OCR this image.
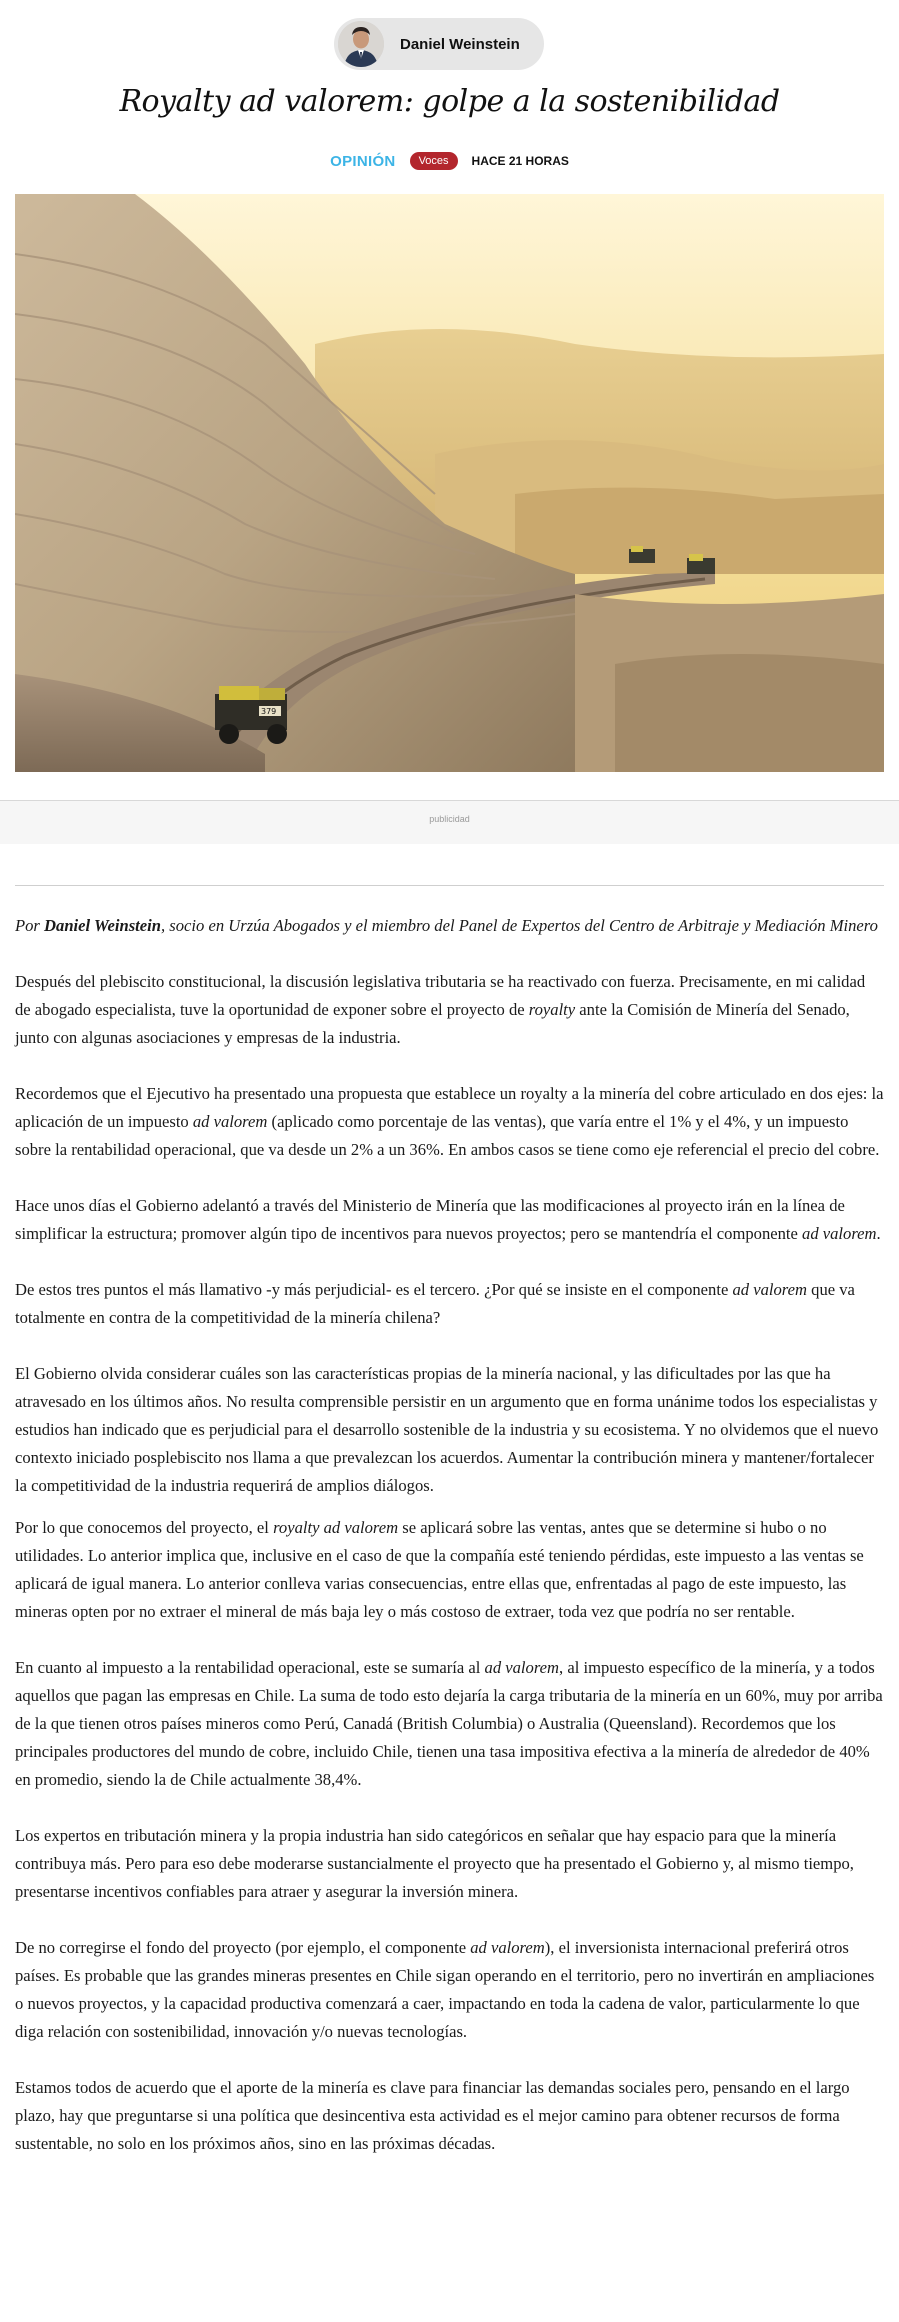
Daniel Weinstein
Royalty ad valorem: golpe a la sostenibilidad
OPINIÓN	Voces	HACE 21 HORAS
379
publicidad

Por Daniel Weinstein, socio en Urzúa Abogados y el miembro del Panel de Expertos del Centro de Arbitraje y Mediación Minero

Después del plebiscito constitucional, la discusión legislativa tributaria se ha reactivado con fuerza. Precisamente, en mi calidad de abogado especialista, tuve la oportunidad de exponer sobre el proyecto de royalty ante la Comisión de Minería del Senado, junto con algunas asociaciones y empresas de la industria.

Recordemos que el Ejecutivo ha presentado una propuesta que establece un royalty a la minería del cobre articulado en dos ejes: la aplicación de un impuesto ad valorem (aplicado como porcentaje de las ventas), que varía entre el 1% y el 4%, y un impuesto sobre la rentabilidad operacional, que va desde un 2% a un 36%. En ambos casos se tiene como eje referencial el precio del cobre.

Hace unos días el Gobierno adelantó a través del Ministerio de Minería que las modificaciones al proyecto irán en la línea de simplificar la estructura; promover algún tipo de incentivos para nuevos proyectos; pero se mantendría el componente ad valorem.

De estos tres puntos el más llamativo -y más perjudicial- es el tercero. ¿Por qué se insiste en el componente ad valorem que va totalmente en contra de la competitividad de la minería chilena?

El Gobierno olvida considerar cuáles son las características propias de la minería nacional, y las dificultades por las que ha atravesado en los últimos años. No resulta comprensible persistir en un argumento que en forma unánime todos los especialistas y estudios han indicado que es perjudicial para el desarrollo sostenible de la industria y su ecosistema. Y no olvidemos que el nuevo contexto iniciado posplebiscito nos llama a que prevalezcan los acuerdos. Aumentar la contribución minera y mantener/fortalecer la competitividad de la industria requerirá de amplios diálogos.

Por lo que conocemos del proyecto, el royalty ad valorem se aplicará sobre las ventas, antes que se determine si hubo o no utilidades. Lo anterior implica que, inclusive en el caso de que la compañía esté teniendo pérdidas, este impuesto a las ventas se aplicará de igual manera. Lo anterior conlleva varias consecuencias, entre ellas que, enfrentadas al pago de este impuesto, las mineras opten por no extraer el mineral de más baja ley o más costoso de extraer, toda vez que podría no ser rentable.

En cuanto al impuesto a la rentabilidad operacional, este se sumaría al ad valorem, al impuesto específico de la minería, y a todos aquellos que pagan las empresas en Chile. La suma de todo esto dejaría la carga tributaria de la minería en un 60%, muy por arriba de la que tienen otros países mineros como Perú, Canadá (British Columbia) o Australia (Queensland). Recordemos que los principales productores del mundo de cobre, incluido Chile, tienen una tasa impositiva efectiva a la minería de alrededor de 40% en promedio, siendo la de Chile actualmente 38,4%.

Los expertos en tributación minera y la propia industria han sido categóricos en señalar que hay espacio para que la minería contribuya más. Pero para eso debe moderarse sustancialmente el proyecto que ha presentado el Gobierno y, al mismo tiempo, presentarse incentivos confiables para atraer y asegurar la inversión minera.

De no corregirse el fondo del proyecto (por ejemplo, el componente ad valorem), el inversionista internacional preferirá otros países. Es probable que las grandes mineras presentes en Chile sigan operando en el territorio, pero no invertirán en ampliaciones o nuevos proyectos, y la capacidad productiva comenzará a caer, impactando en toda la cadena de valor, particularmente lo que diga relación con sostenibilidad, innovación y/o nuevas tecnologías.

Estamos todos de acuerdo que el aporte de la minería es clave para financiar las demandas sociales pero, pensando en el largo plazo, hay que preguntarse si una política que desincentiva esta actividad es el mejor camino para obtener recursos de forma sustentable, no solo en los próximos años, sino en las próximas décadas.
